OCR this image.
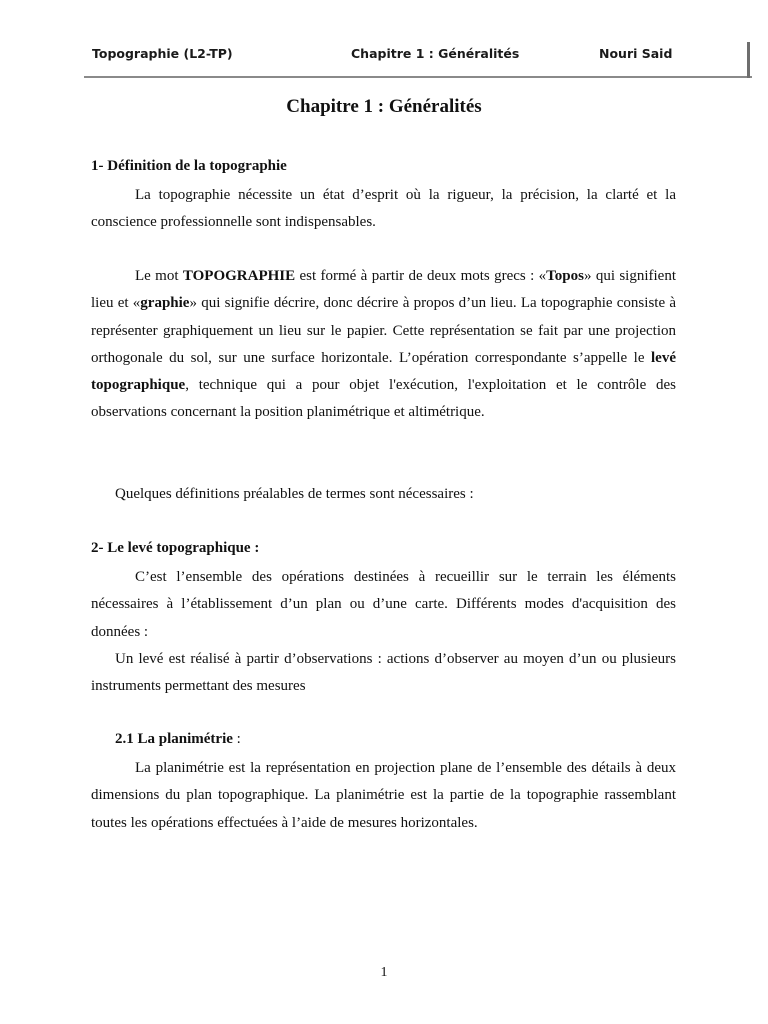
Topographie (L2-TP)	Chapitre 1 : Généralités	Nouri Said
Chapitre 1 : Généralités
1- Définition de la topographie

La topographie nécessite un état d’esprit où la rigueur, la précision, la clarté et la conscience professionnelle sont indispensables.

Le mot TOPOGRAPHIE est formé à partir de deux mots grecs : «Topos» qui signifient lieu et «graphie» qui signifie décrire, donc décrire à propos d’un lieu. La topographie consiste à représenter graphiquement un lieu sur le papier. Cette représentation se fait par une projection orthogonale du sol, sur une surface horizontale. L’opération correspondante s’appelle le levé topographique, technique qui a pour objet l'exécution, l'exploitation et le contrôle des observations concernant la position planimétrique et altimétrique.

Quelques définitions préalables de termes sont nécessaires :

2- Le levé topographique :

C’est l’ensemble des opérations destinées à recueillir sur le terrain les éléments nécessaires à l’établissement d’un plan ou d’une carte. Différents modes d'acquisition des données :

Un levé est réalisé à partir d’observations : actions d’observer au moyen d’un ou plusieurs instruments permettant des mesures

2.1 La planimétrie :

La planimétrie est la représentation en projection plane de l’ensemble des détails à deux dimensions du plan topographique. La planimétrie est la partie de la topographie rassemblant toutes les opérations effectuées à l’aide de mesures horizontales.

1
